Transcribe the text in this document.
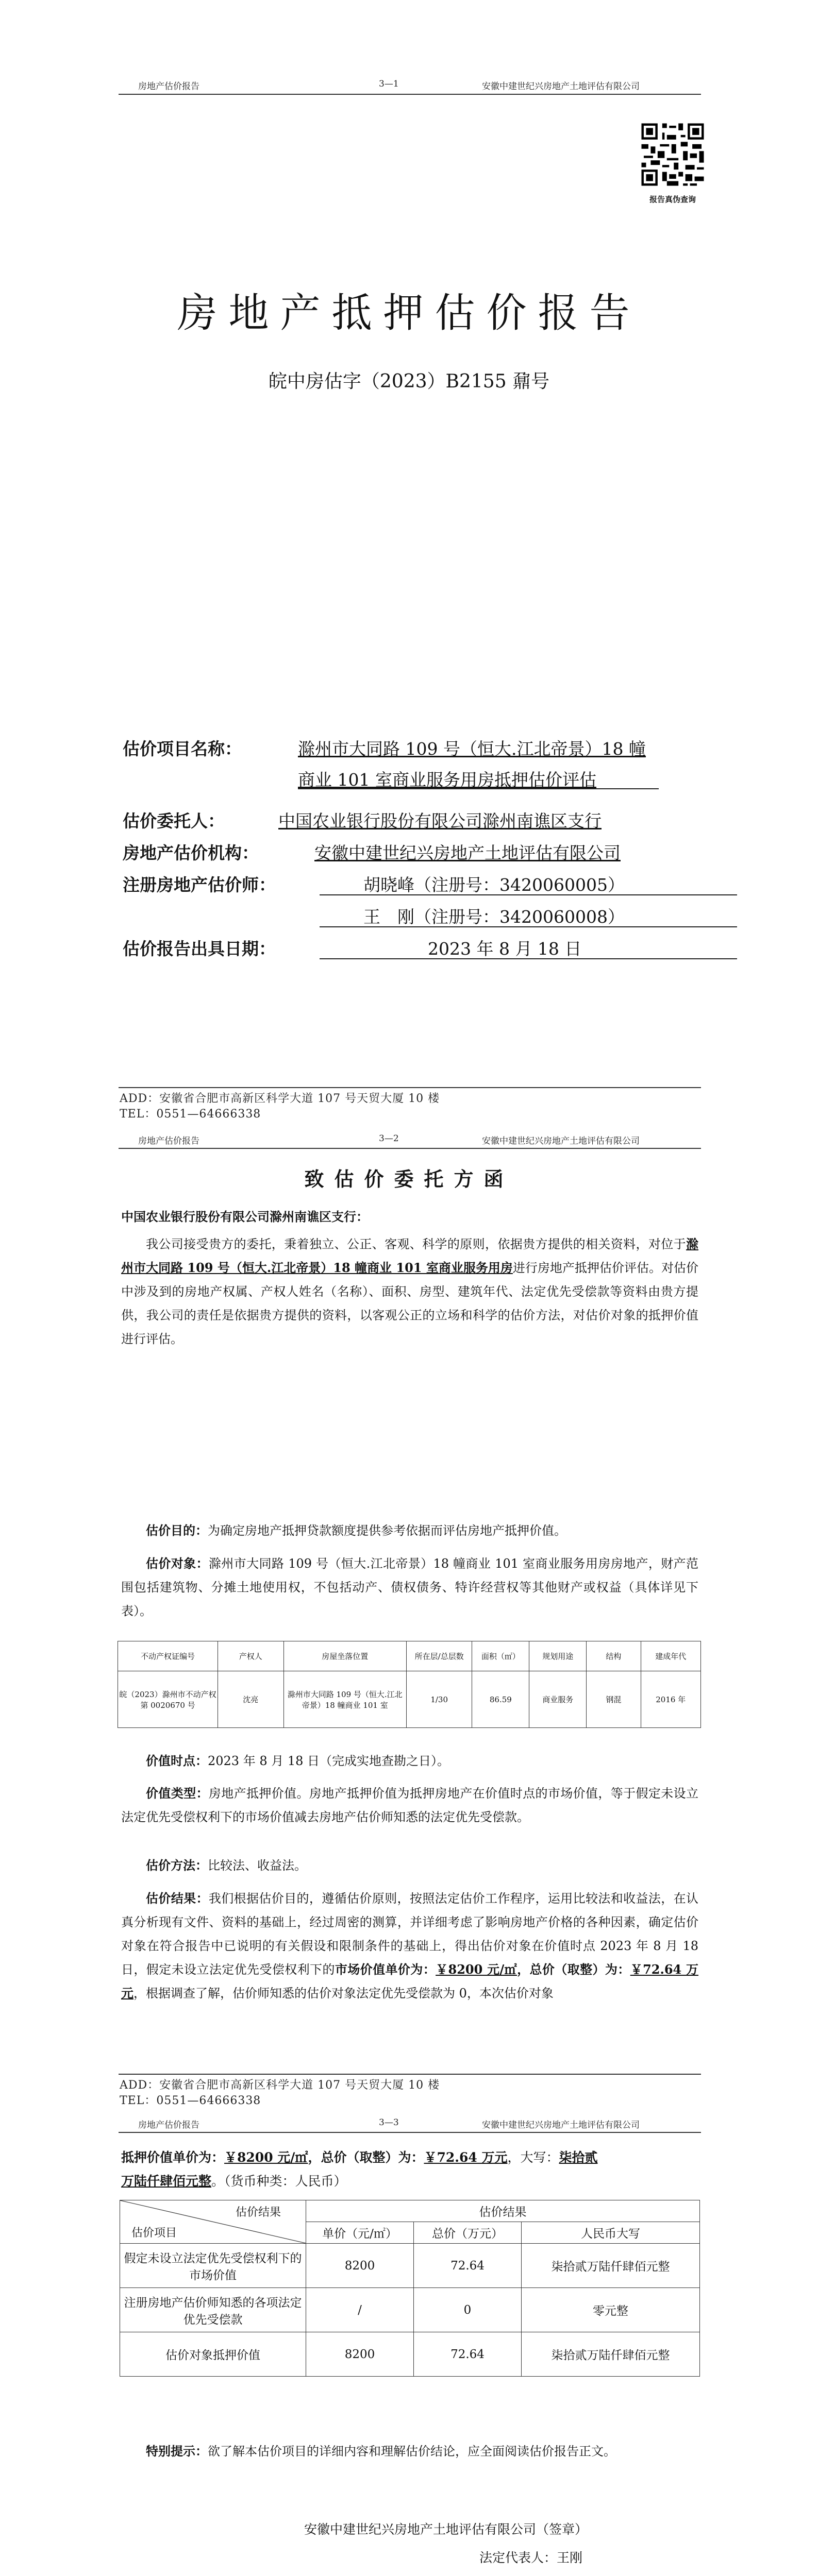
房地产估价报告	3—1	安徽中建世纪兴房地产土地评估有限公司
报告真伪查询
房地产抵押估价报告
皖中房估字（2023）B2155 鼐号
估价项目名称：	滁州市大同路 109 号（恒大.江北帝景）18 幢
商业 101 室商业服务用房抵押估价评估
估价委托人：	中国农业银行股份有限公司滁州南谯区支行
房地产估价机构：	安徽中建世纪兴房地产土地评估有限公司
注册房地产估价师：	胡晓峰（注册号：3420060005）
王　刚（注册号：3420060008）
估价报告出具日期：	2023 年 8 月 18 日
ADD：安徽省合肥市高新区科学大道 107 号天贸大厦 10 楼
TEL：0551—64666338
房地产估价报告	3—2	安徽中建世纪兴房地产土地评估有限公司
致估价委托方函
中国农业银行股份有限公司滁州南谯区支行：
我公司接受贵方的委托，秉着独立、公正、客观、科学的原则，依据贵方提供的相关资料，对位于滁州市大同路 109 号（恒大.江北帝景）18 幢商业 101 室商业服务用房进行房地产抵押估价评估。对估价中涉及到的房地产权属、产权人姓名（名称）、面积、房型、建筑年代、法定优先受偿款等资料由贵方提供，我公司的责任是依据贵方提供的资料，以客观公正的立场和科学的估价方法，对估价对象的抵押价值进行评估。
估价目的：为确定房地产抵押贷款额度提供参考依据而评估房地产抵押价值。
估价对象：滁州市大同路 109 号（恒大.江北帝景）18 幢商业 101 室商业服务用房房地产，财产范围包括建筑物、分摊土地使用权，不包括动产、债权债务、特许经营权等其他财产或权益（具体详见下表）。
不动产权证编号	产权人	房屋坐落位置	所在层/总层数	面积（㎡）	规划用途	结构	建成年代
皖（2023）滁州市不动产权第 0020670 号	沈亮	滁州市大同路 109 号（恒大.江北帝景）18 幢商业 101 室	1/30	86.59	商业服务	钢混	2016 年
价值时点：2023 年 8 月 18 日（完成实地查勘之日）。
价值类型：房地产抵押价值。房地产抵押价值为抵押房地产在价值时点的市场价值，等于假定未设立法定优先受偿权利下的市场价值减去房地产估价师知悉的法定优先受偿款。
估价方法：比较法、收益法。
估价结果：我们根据估价目的，遵循估价原则，按照法定估价工作程序，运用比较法和收益法，在认真分析现有文件、资料的基础上，经过周密的测算，并详细考虑了影响房地产价格的各种因素，确定估价对象在符合报告中已说明的有关假设和限制条件的基础上，得出估价对象在价值时点 2023 年 8 月 18 日，假定未设立法定优先受偿权利下的市场价值单价为：￥8200 元/㎡，总价（取整）为：￥72.64 万元，根据调查了解，估价师知悉的估价对象法定优先受偿款为 0，本次估价对象
ADD：安徽省合肥市高新区科学大道 107 号天贸大厦 10 楼
TEL：0551—64666338
房地产估价报告	3—3	安徽中建世纪兴房地产土地评估有限公司
抵押价值单价为：￥8200 元/㎡，总价（取整）为：￥72.64 万元，大写：柒拾贰
万陆仟肆佰元整。（货币种类：人民币）
估价结果
估价项目	估价结果		
	单价（元/㎡）	总价（万元）	人民币大写
假定未设立法定优先受偿权利下的市场价值	8200	72.64	柒拾贰万陆仟肆佰元整
注册房地产估价师知悉的各项法定优先受偿款	/	0	零元整
估价对象抵押价值	8200	72.64	柒拾贰万陆仟肆佰元整
特别提示：欲了解本估价项目的详细内容和理解估价结论，应全面阅读估价报告正文。
安徽中建世纪兴房地产土地评估有限公司（签章）
法定代表人：王刚
